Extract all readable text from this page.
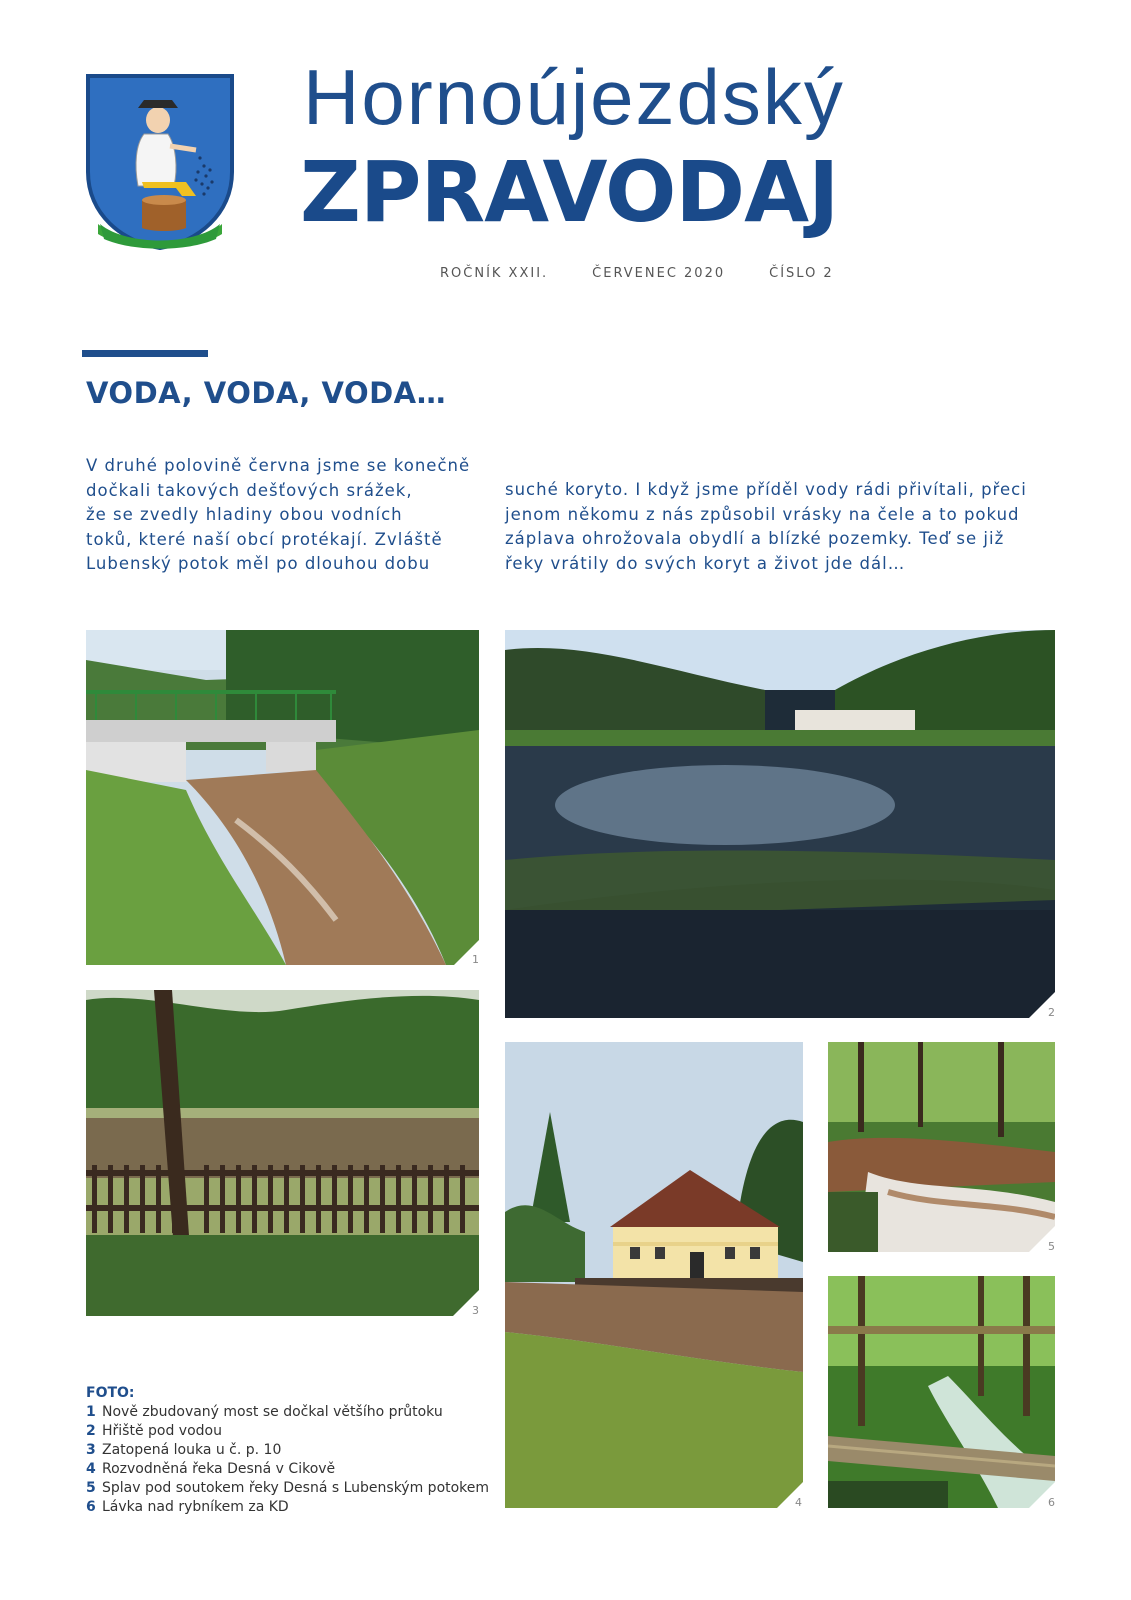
Hornoújezdský
ZPRAVODAJ
ROČNÍK XXII.	ČERVENEC 2020	ČÍSLO 2
VODA, VODA, VODA…
V druhé polovině června jsme se konečně
dočkali takových dešťových srážek,
že se zvedly hladiny obou vodních
toků, které naší obcí protékají. Zvláště
Lubenský potok měl po dlouhou dobu
suché koryto. I když jsme příděl vody rádi přivítali, přeci
jenom někomu z nás způsobil vrásky na čele a to pokud
záplava ohrožovala obydlí a blízké pozemky. Teď se již
řeky vrátily do svých koryt a život jde dál…
1
2
3
4
5
6
FOTO:
1 Nově zbudovaný most se dočkal většího průtoku
2 Hřiště pod vodou
3 Zatopená louka u č. p. 10
4 Rozvodněná řeka Desná v Cikově
5 Splav pod soutokem řeky Desná s Lubenským potokem
6 Lávka nad rybníkem za KD
